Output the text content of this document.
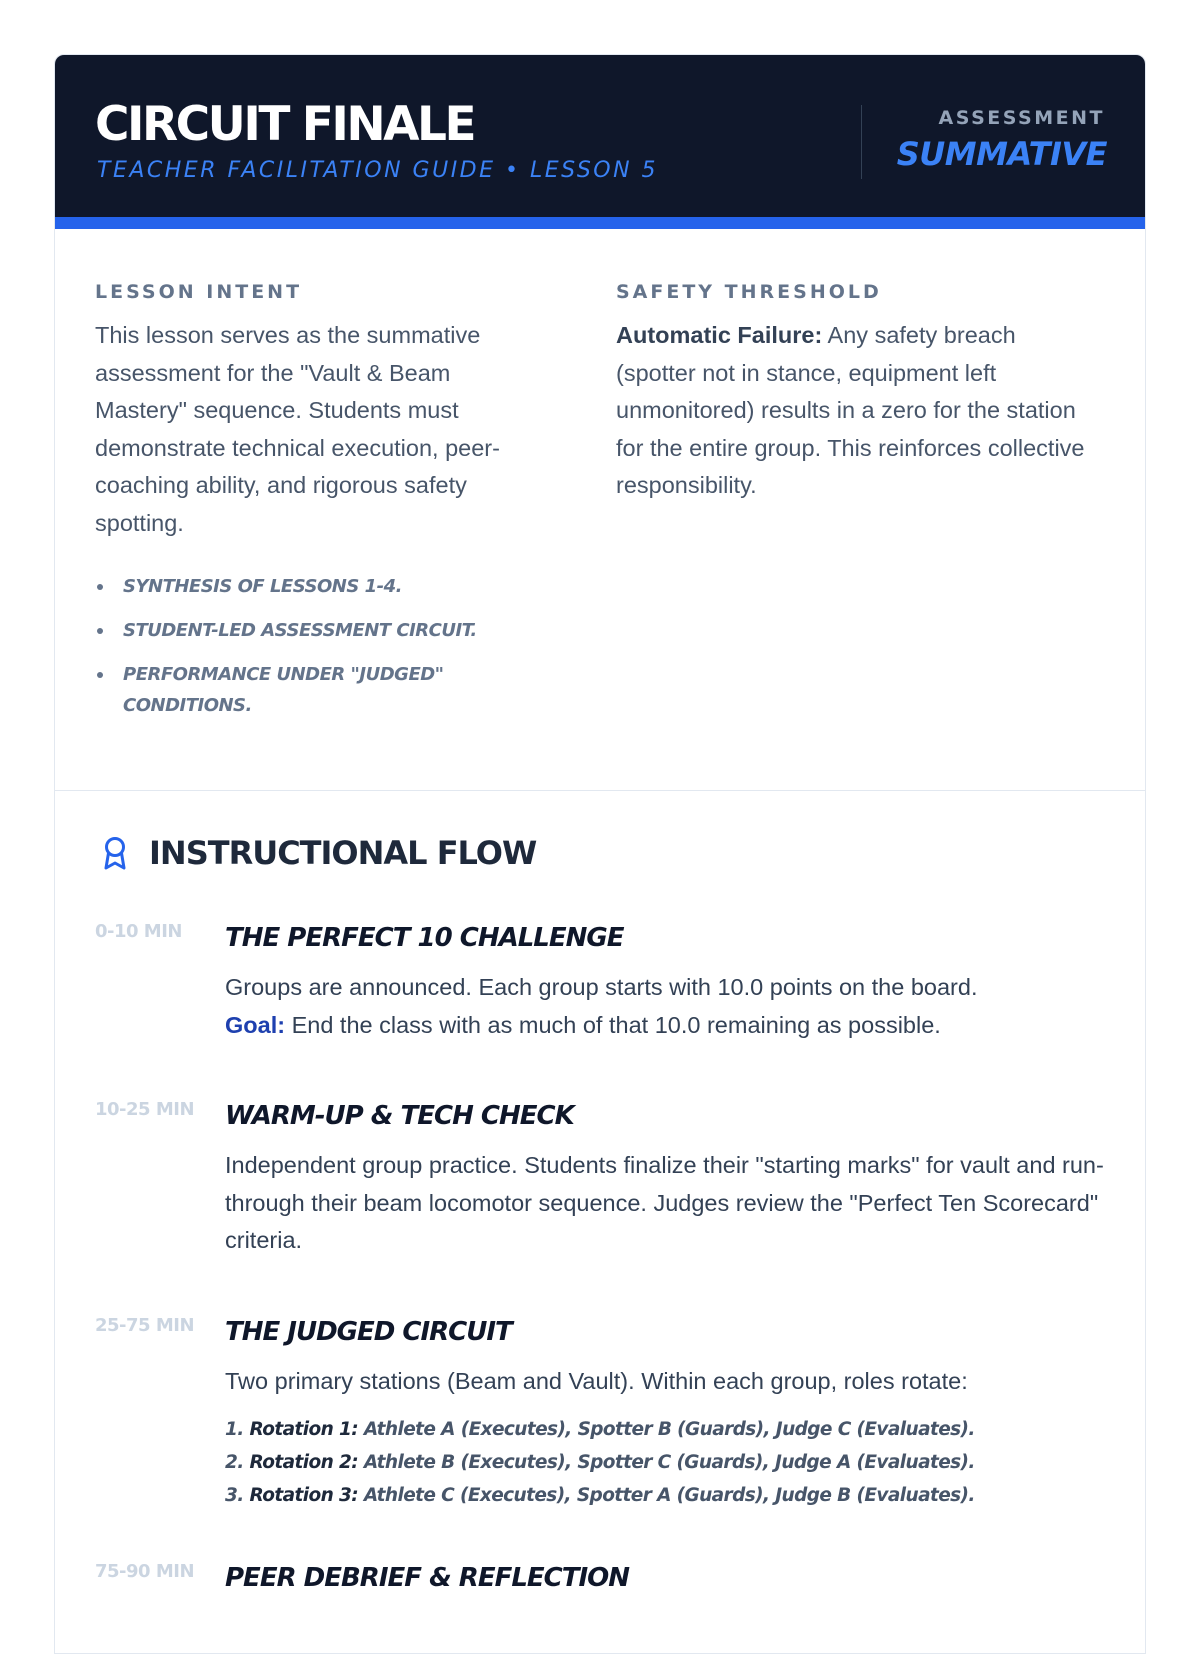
CIRCUIT FINALE
TEACHER FACILITATION GUIDE • LESSON 5
ASSESSMENT
SUMMATIVE
LESSON INTENT

This lesson serves as the summative assessment for the "Vault & Beam Mastery" sequence. Students must demonstrate technical execution, peer-coaching ability, and rigorous safety spotting.

SYNTHESIS OF LESSONS 1-4.
STUDENT-LED ASSESSMENT CIRCUIT.
PERFORMANCE UNDER "JUDGED" CONDITIONS.
SAFETY THRESHOLD

Automatic Failure: Any safety breach (spotter not in stance, equipment left unmonitored) results in a zero for the station for the entire group. This reinforces collective responsibility.

INSTRUCTIONAL FLOW
0-10 MIN	THE PERFECT 10 CHALLENGE

Groups are announced. Each group starts with 10.0 points on the board.
Goal: End the class with as much of that 10.0 remaining as possible.

10-25 MIN	WARM-UP & TECH CHECK

Independent group practice. Students finalize their "starting marks" for vault and run-through their beam locomotor sequence. Judges review the "Perfect Ten Scorecard" criteria.

25-75 MIN	THE JUDGED CIRCUIT

Two primary stations (Beam and Vault). Within each group, roles rotate:

1. Rotation 1: Athlete A (Executes), Spotter B (Guards), Judge C (Evaluates).
2. Rotation 2: Athlete B (Executes), Spotter C (Guards), Judge A (Evaluates).
3. Rotation 3: Athlete C (Executes), Spotter A (Guards), Judge B (Evaluates).
75-90 MIN	PEER DEBRIEF & REFLECTION
